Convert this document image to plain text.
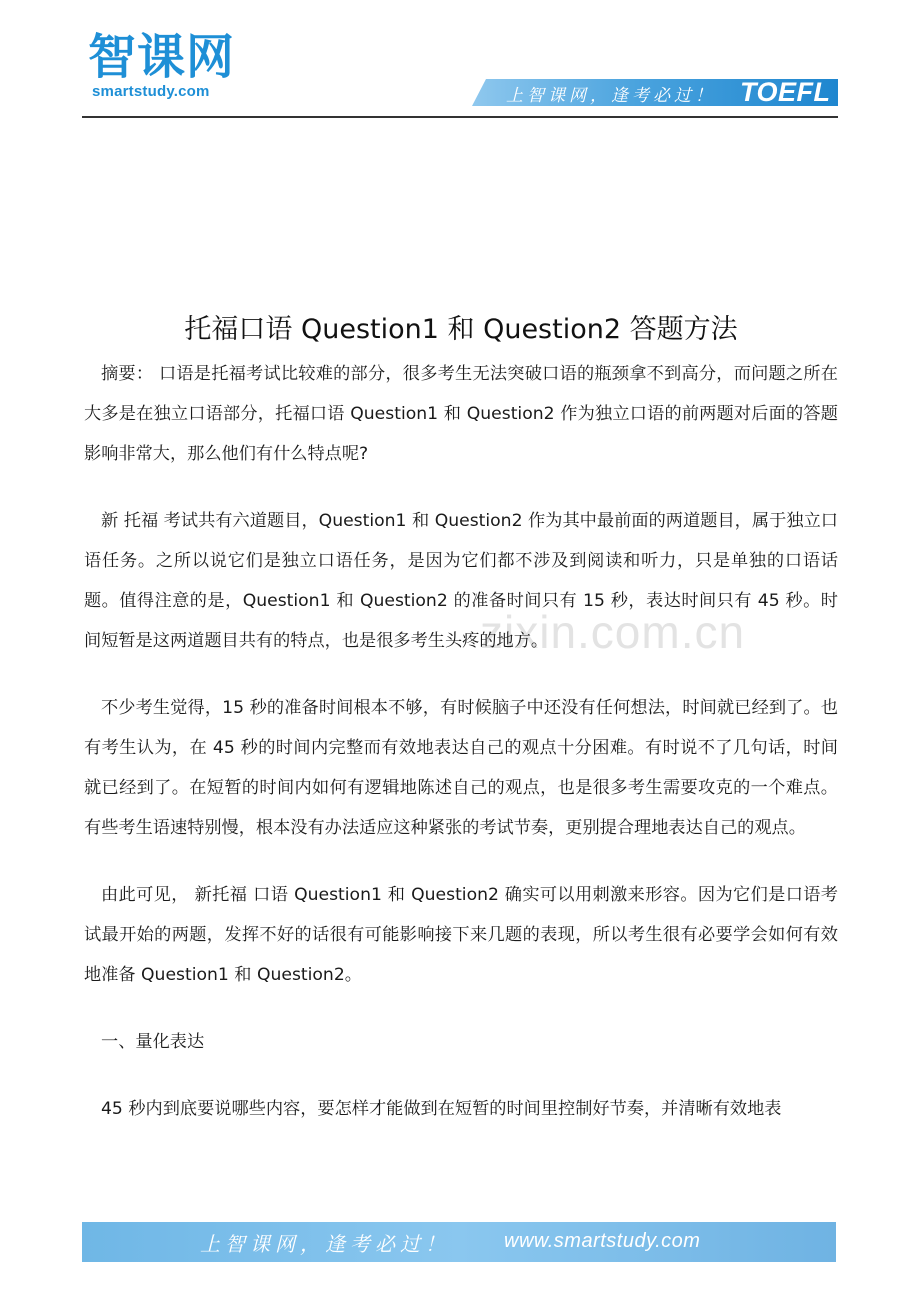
智课网
smartstudy.com	上智课网，逢考必过！ TOEFL
zixin.com.cn
托福口语 Question1 和 Question2 答题方法

摘要： 口语是托福考试比较难的部分，很多考生无法突破口语的瓶颈拿不到高分，而问题之所在大多是在独立口语部分，托福口语 Question1 和 Question2 作为独立口语的前两题对后面的答题影响非常大，那么他们有什么特点呢?

新 托福 考试共有六道题目，Question1 和 Question2 作为其中最前面的两道题目，属于独立口语任务。之所以说它们是独立口语任务，是因为它们都不涉及到阅读和听力，只是单独的口语话题。值得注意的是，Question1 和 Question2 的准备时间只有 15 秒，表达时间只有 45 秒。时间短暂是这两道题目共有的特点，也是很多考生头疼的地方。

不少考生觉得，15 秒的准备时间根本不够，有时候脑子中还没有任何想法，时间就已经到了。也有考生认为，在 45 秒的时间内完整而有效地表达自己的观点十分困难。有时说不了几句话，时间就已经到了。在短暂的时间内如何有逻辑地陈述自己的观点，也是很多考生需要攻克的一个难点。有些考生语速特别慢，根本没有办法适应这种紧张的考试节奏，更别提合理地表达自己的观点。

由此可见， 新托福 口语 Question1 和 Question2 确实可以用刺激来形容。因为它们是口语考试最开始的两题，发挥不好的话很有可能影响接下来几题的表现，所以考生很有必要学会如何有效地准备 Question1 和 Question2。

一、量化表达

45 秒内到底要说哪些内容，要怎样才能做到在短暂的时间里控制好节奏，并清晰有效地表

上智课网，逢考必过！	www.smartstudy.com
